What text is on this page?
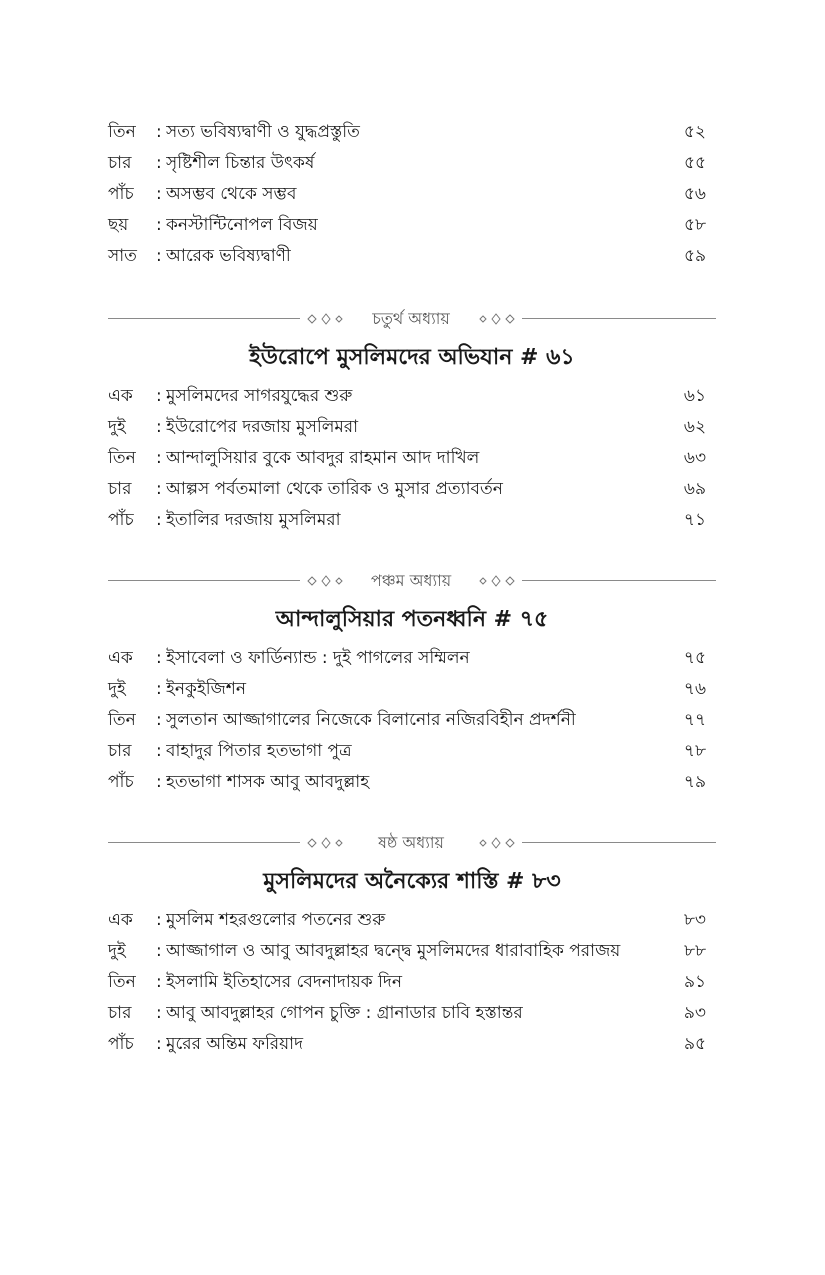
তিন	: সত্য ভবিষ্যদ্বাণী ও যুদ্ধপ্রস্তুতি	৫২
চার	: সৃষ্টিশীল চিন্তার উৎকর্ষ	৫৫
পাঁচ	: অসম্ভব থেকে সম্ভব	৫৬
ছয়	: কনস্টান্টিনোপল বিজয়	৫৮
সাত	: আরেক ভবিষ্যদ্বাণী	৫৯
চতুর্থ অধ্যায়
ইউরোপে মুসলিমদের অভিযান # ৬১
এক	: মুসলিমদের সাগরযুদ্ধের শুরু	৬১
দুই	: ইউরোপের দরজায় মুসলিমরা	৬২
তিন	: আন্দালুসিয়ার বুকে আবদুর রাহমান আদ দাখিল	৬৩
চার	: আল্পস পর্বতমালা থেকে তারিক ও মুসার প্রত্যাবর্তন	৬৯
পাঁচ	: ইতালির দরজায় মুসলিমরা	৭১
পঞ্চম অধ্যায়
আন্দালুসিয়ার পতনধ্বনি # ৭৫
এক	: ইসাবেলা ও ফার্ডিন্যান্ড : দুই পাগলের সম্মিলন	৭৫
দুই	: ইনকুইজিশন	৭৬
তিন	: সুলতান আজ্জাগালের নিজেকে বিলানোর নজিরবিহীন প্রদর্শনী	৭৭
চার	: বাহাদুর পিতার হতভাগা পুত্র	৭৮
পাঁচ	: হতভাগা শাসক আবু আবদুল্লাহ	৭৯
ষষ্ঠ অধ্যায়
মুসলিমদের অনৈক্যের শাস্তি # ৮৩
এক	: মুসলিম শহরগুলোর পতনের শুরু	৮৩
দুই	: আজ্জাগাল ও আবু আবদুল্লাহর দ্বন্দ্বে মুসলিমদের ধারাবাহিক পরাজয়	৮৮
তিন	: ইসলামি ইতিহাসের বেদনাদায়ক দিন	৯১
চার	: আবু আবদুল্লাহর গোপন চুক্তি : গ্রানাডার চাবি হস্তান্তর	৯৩
পাঁচ	: মুরের অন্তিম ফরিয়াদ	৯৫
